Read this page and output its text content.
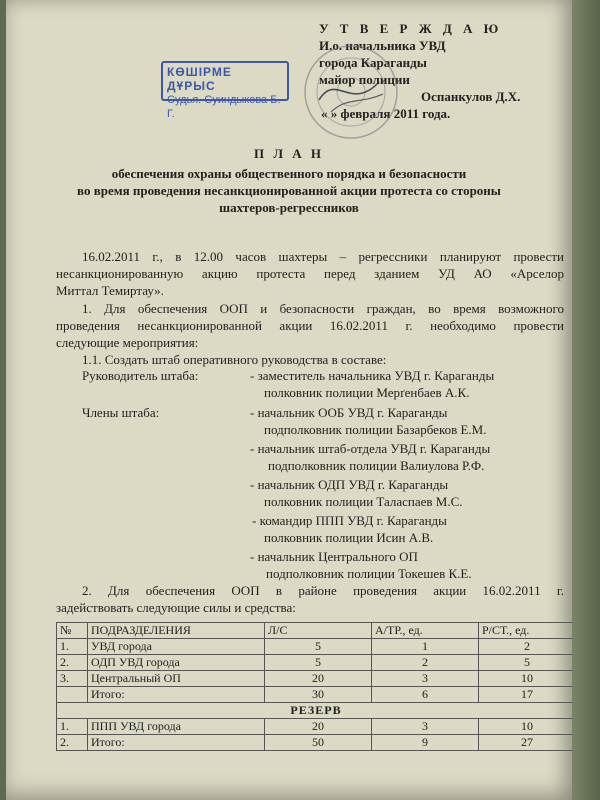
У Т В Е Р Ж Д А Ю
И.о. начальника УВД
города Караганды
майор полиции
Оспанкулов Д.Х.
« » февраля 2011 года.
КӨШІРМЕ ДҰРЫС
Судья. Суиндыкова Б. Г.
П Л А Н
обеспечения охраны общественного порядка и безопасности
во время проведения несанкционированной акции протеста со стороны
шахтеров-регрессников
16.02.2011 г., в 12.00 часов шахтеры – регрессники планируют провести
несанкционированную акцию протеста перед зданием УД АО «Арселор
Миттал Темиртау».
1. Для обеспечения ООП и безопасности граждан, во время возможного
проведения несанкционированной акции 16.02.2011 г. необходимо провести
следующие мероприятия:
1.1. Создать штаб оперативного руководства в составе:
Руководитель штаба:	- заместитель начальника УВД г. Караганды
полковник полиции Мерґенбаев А.К.
Члены штаба:	- начальник ООБ УВД г. Караганды
подполковник полиции Базарбеков Е.М.
- начальник штаб-отдела УВД г. Караганды
подполковник полиции Валиулова Р.Ф.
- начальник ОДП УВД г. Караганды
полковник полиции Таласпаев М.С.
- командир ППП УВД г. Караганды
полковник полиции Исин А.В.
- начальник Центрального ОП
подполковник полиции Токешев К.Е.
2. Для обеспечения ООП в районе проведения акции 16.02.2011 г.
задействовать следующие силы и средства:
№	ПОДРАЗДЕЛЕНИЯ	Л/С	А/ТР., ед.	Р/СТ., ед.
1.	УВД города	5	1	2
2.	ОДП УВД города	5	2	5
3.	Центральный ОП	20	3	10
	Итого:	30	6	17
РЕЗЕРВ				
1.	ППП УВД города	20	3	10
2.	Итого:	50	9	27
